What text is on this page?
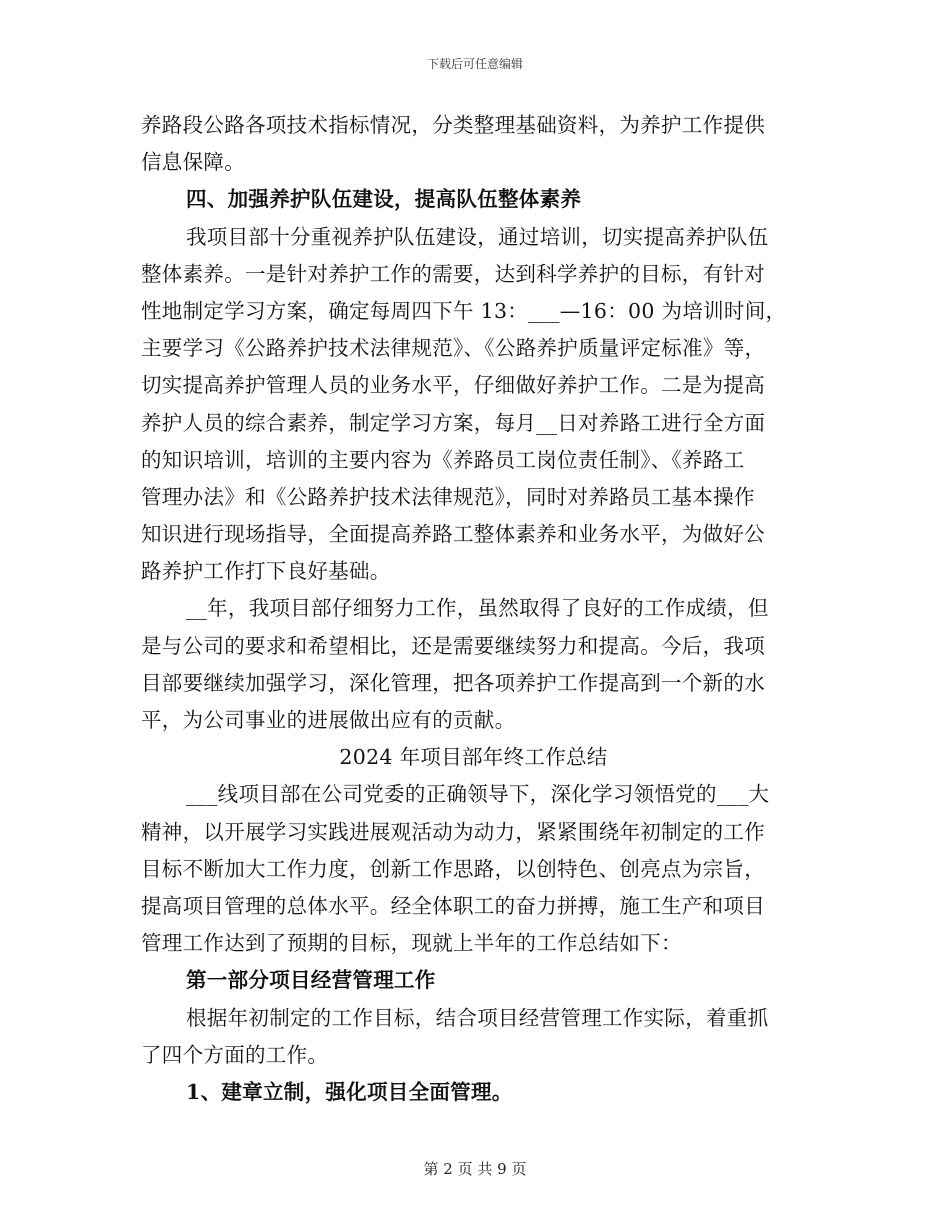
下载后可任意编辑
养路段公路各项技术指标情况，分类整理基础资料，为养护工作提供
信息保障。
四、加强养护队伍建设，提高队伍整体素养
我项目部十分重视养护队伍建设，通过培训，切实提高养护队伍
整体素养。一是针对养护工作的需要，达到科学养护的目标，有针对
性地制定学习方案，确定每周四下午 13：___—16：00 为培训时间，
主要学习《公路养护技术法律规范》、《公路养护质量评定标准》等，
切实提高养护管理人员的业务水平，仔细做好养护工作。二是为提高
养护人员的综合素养，制定学习方案，每月__日对养路工进行全方面
的知识培训，培训的主要内容为《养路员工岗位责任制》、《养路工
管理办法》和《公路养护技术法律规范》，同时对养路员工基本操作
知识进行现场指导，全面提高养路工整体素养和业务水平，为做好公
路养护工作打下良好基础。
__年，我项目部仔细努力工作，虽然取得了良好的工作成绩，但
是与公司的要求和希望相比，还是需要继续努力和提高。今后，我项
目部要继续加强学习，深化管理，把各项养护工作提高到一个新的水
平，为公司事业的进展做出应有的贡献。
2024 年项目部年终工作总结
___线项目部在公司党委的正确领导下，深化学习领悟党的___大
精神，以开展学习实践进展观活动为动力，紧紧围绕年初制定的工作
目标不断加大工作力度，创新工作思路，以创特色、创亮点为宗旨，
提高项目管理的总体水平。经全体职工的奋力拼搏，施工生产和项目
管理工作达到了预期的目标，现就上半年的工作总结如下：
第一部分项目经营管理工作
根据年初制定的工作目标，结合项目经营管理工作实际，着重抓
了四个方面的工作。
1、建章立制，强化项目全面管理。
第 2 页 共 9 页
